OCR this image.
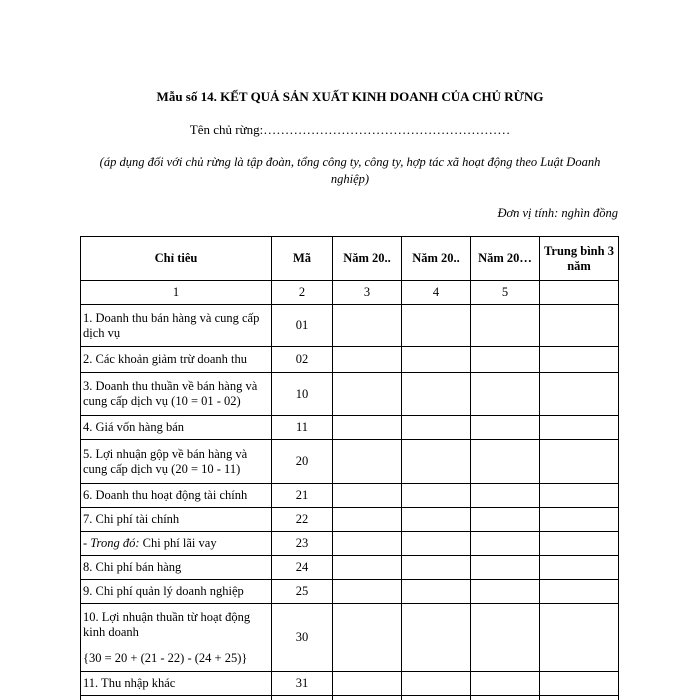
Mẫu số 14. KẾT QUẢ SẢN XUẤT KINH DOANH CỦA CHỦ RỪNG
Tên chủ rừng:…………………………………………………
(áp dụng đối với chủ rừng là tập đoàn, tổng công ty, công ty, hợp tác xã hoạt động theo Luật Doanh nghiệp)
Đơn vị tính: nghìn đồng
Chỉ tiêu	Mã	Năm 20..	Năm 20..	Năm 20…	Trung bình 3 năm
1	2	3	4	5	
1. Doanh thu bán hàng và cung cấp dịch vụ	01				
2. Các khoản giảm trừ doanh thu	02				
3. Doanh thu thuần về bán hàng và cung cấp dịch vụ (10 = 01 - 02)	10				
4. Giá vốn hàng bán	11				
5. Lợi nhuận gộp về bán hàng và cung cấp dịch vụ (20 = 10 - 11)	20				
6. Doanh thu hoạt động tài chính	21				
7. Chi phí tài chính	22				
- Trong đó: Chi phí lãi vay	23				
8. Chi phí bán hàng	24				
9. Chi phí quản lý doanh nghiệp	25				
10. Lợi nhuận thuần từ hoạt động kinh doanh	30				
{30 = 20 + (21 - 22) - (24 + 25)}					
11. Thu nhập khác	31				
